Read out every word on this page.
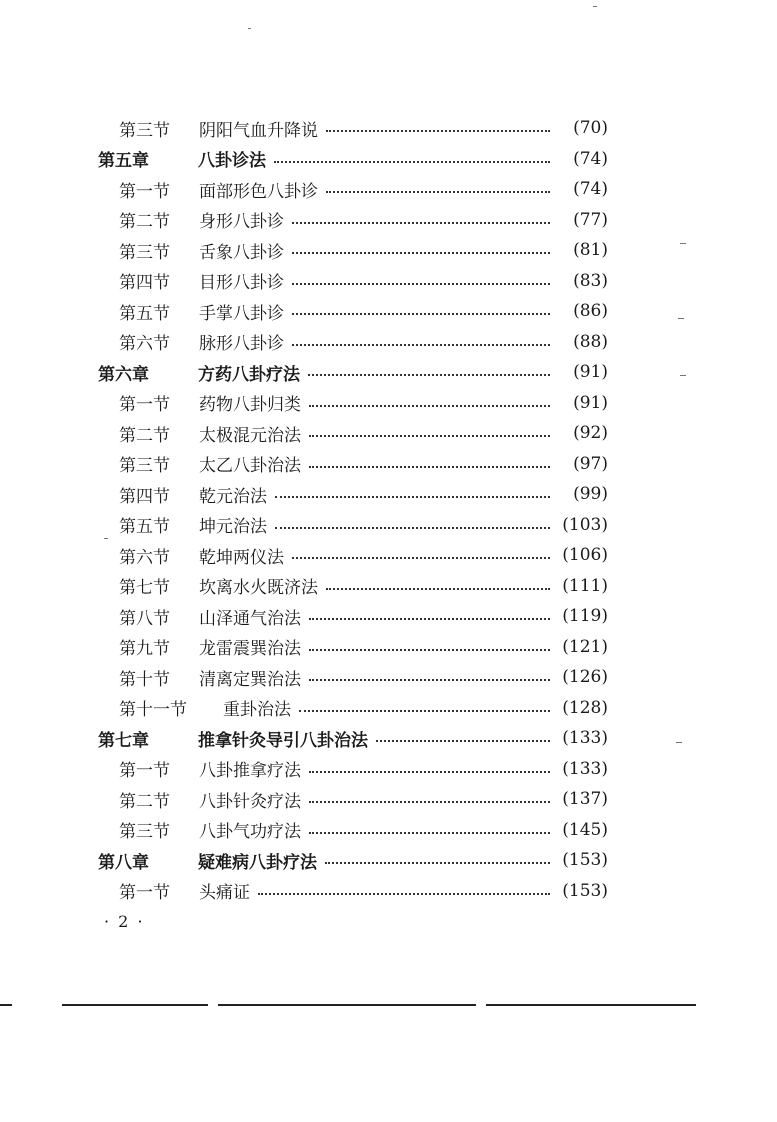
第三节	阴阳气血升降说	(70)
第五章	八卦诊法	(74)
第一节	面部形色八卦诊	(74)
第二节	身形八卦诊	(77)
第三节	舌象八卦诊	(81)
第四节	目形八卦诊	(83)
第五节	手掌八卦诊	(86)
第六节	脉形八卦诊	(88)
第六章	方药八卦疗法	(91)
第一节	药物八卦归类	(91)
第二节	太极混元治法	(92)
第三节	太乙八卦治法	(97)
第四节	乾元治法	(99)
第五节	坤元治法	(103)
第六节	乾坤两仪法	(106)
第七节	坎离水火既济法	(111)
第八节	山泽通气治法	(119)
第九节	龙雷震巽治法	(121)
第十节	清离定巽治法	(126)
第十一节	重卦治法	(128)
第七章	推拿针灸导引八卦治法	(133)
第一节	八卦推拿疗法	(133)
第二节	八卦针灸疗法	(137)
第三节	八卦气功疗法	(145)
第八章	疑难病八卦疗法	(153)
第一节	头痛证	(153)
· 2 ·
